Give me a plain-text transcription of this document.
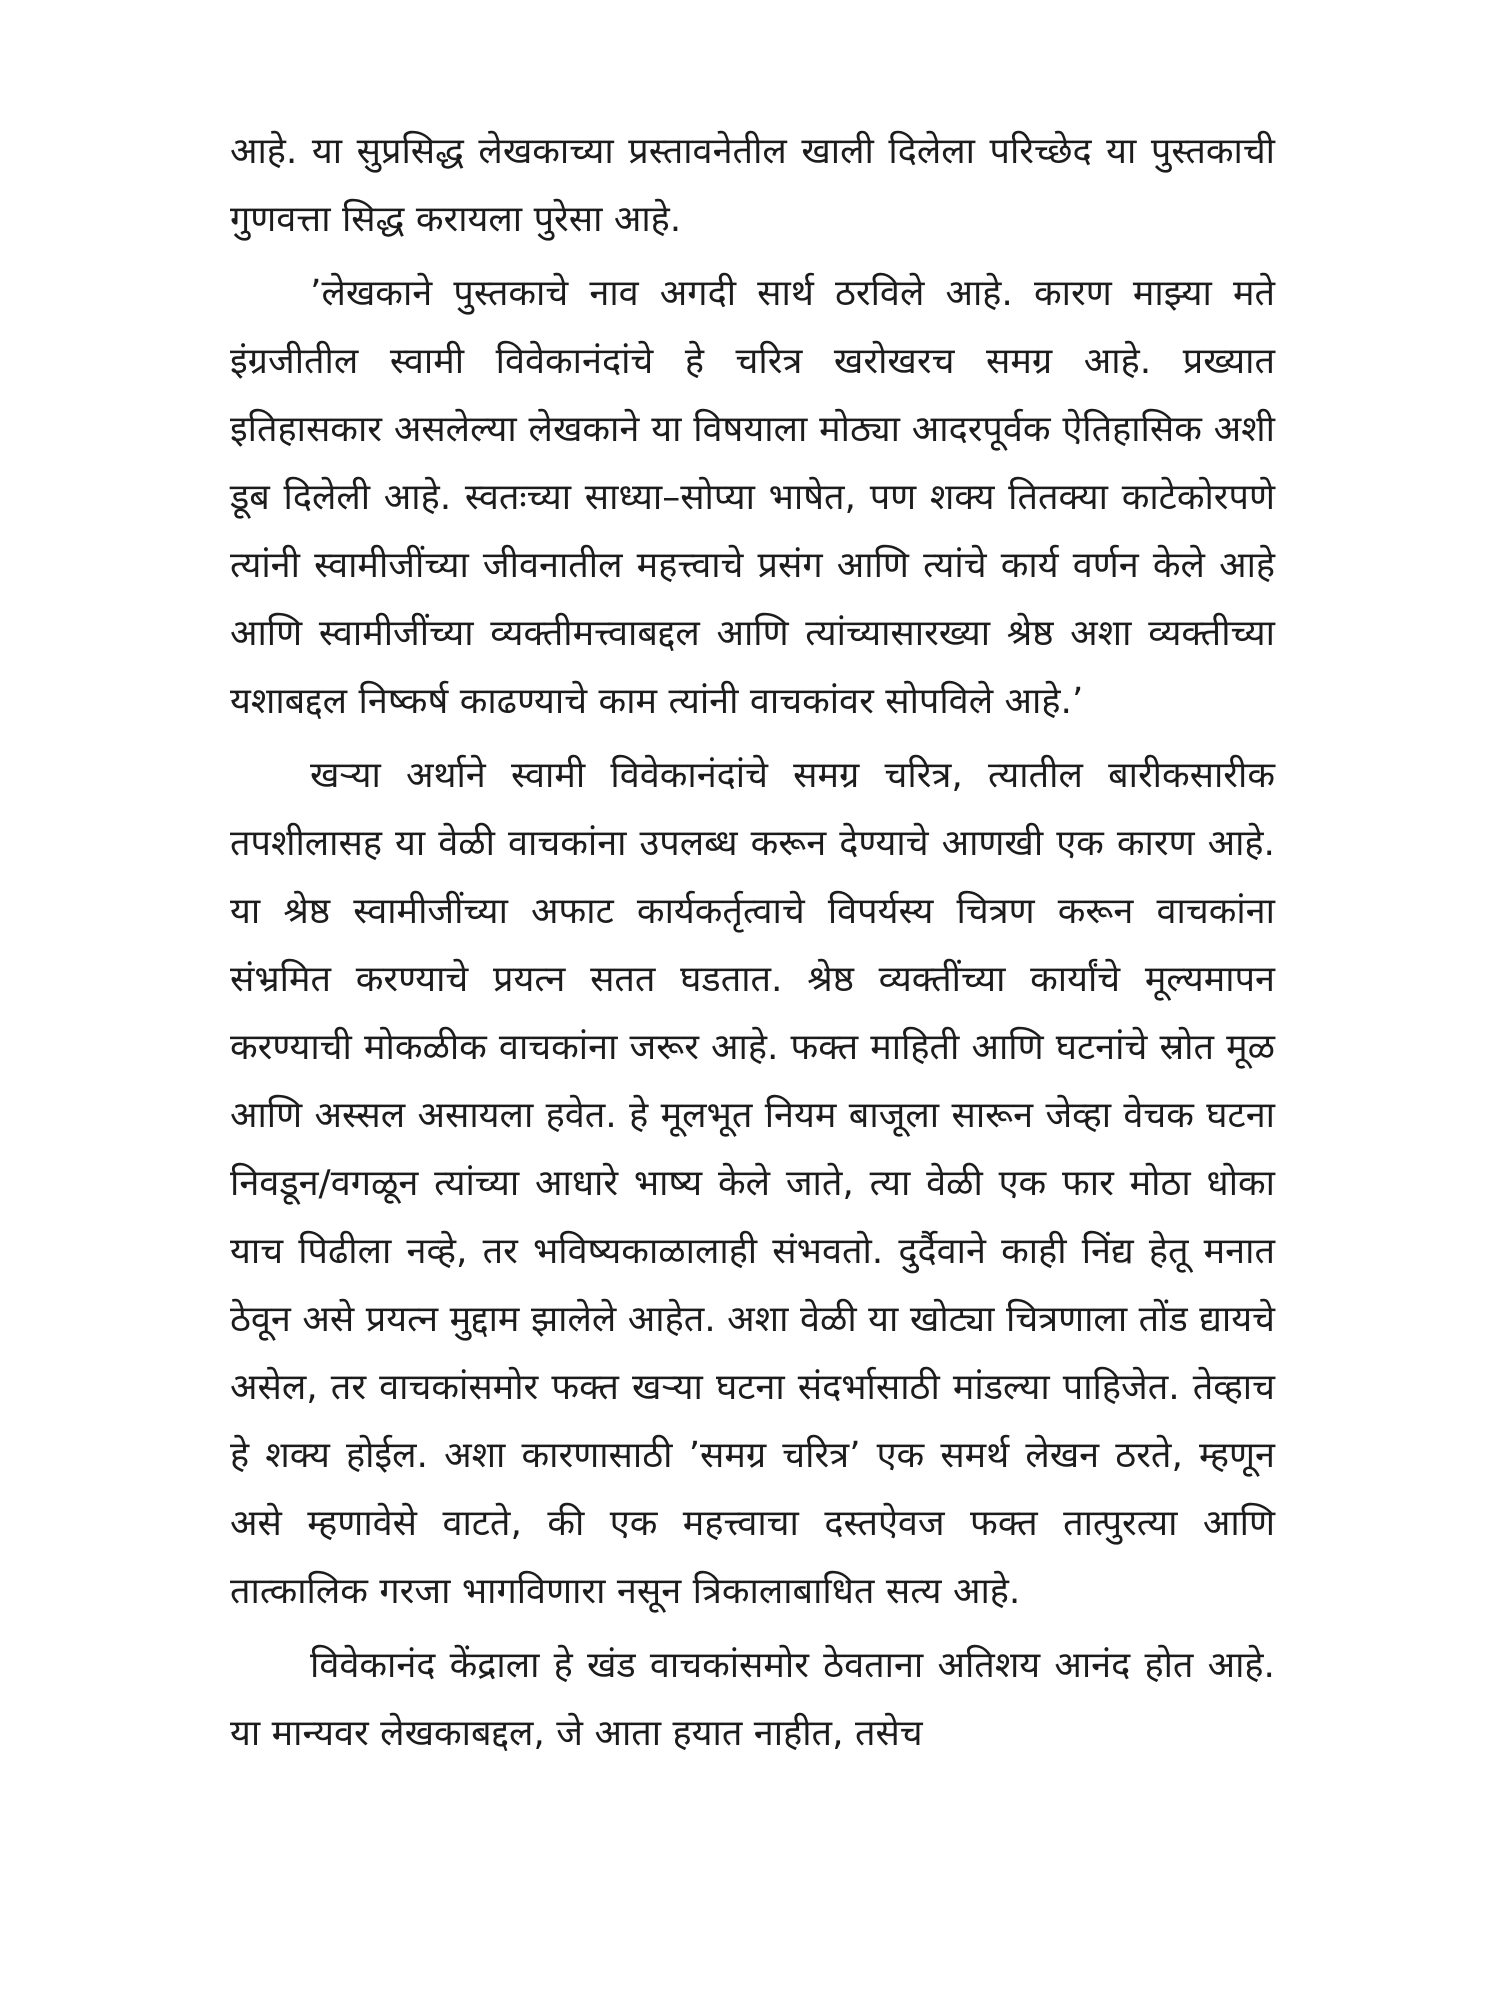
आहे. या सुप्रसिद्ध लेखकाच्या प्रस्तावनेतील खाली दिलेला परिच्छेद या पुस्तकाची गुणवत्ता सिद्ध करायला पुरेसा आहे.

’लेखकाने पुस्तकाचे नाव अगदी सार्थ ठरविले आहे. कारण माझ्या मते इंग्रजीतील स्वामी विवेकानंदांचे हे चरित्र खरोखरच समग्र आहे. प्रख्यात इतिहासकार असलेल्या लेखकाने या विषयाला मोठ्या आदरपूर्वक ऐतिहासिक अशी डूब दिलेली आहे. स्वतःच्या साध्या–सोप्या भाषेत, पण शक्य तितक्या काटेकोरपणे त्यांनी स्वामीजींच्या जीवनातील महत्त्वाचे प्रसंग आणि त्यांचे कार्य वर्णन केले आहे आणि स्वामीजींच्या व्यक्तीमत्त्वाबद्दल आणि त्यांच्यासारख्या श्रेष्ठ अशा व्यक्तीच्या यशाबद्दल निष्कर्ष काढण्याचे काम त्यांनी वाचकांवर सोपविले आहे.’

खऱ्या अर्थाने स्वामी विवेकानंदांचे समग्र चरित्र, त्यातील बारीकसारीक तपशीलासह या वेळी वाचकांना उपलब्ध करून देण्याचे आणखी एक कारण आहे. या श्रेष्ठ स्वामीजींच्या अफाट कार्यकर्तृत्वाचे विपर्यस्य चित्रण करून वाचकांना संभ्रमित करण्याचे प्रयत्न सतत घडतात. श्रेष्ठ व्यक्तींच्या कार्यांचे मूल्यमापन करण्याची मोकळीक वाचकांना जरूर आहे. फक्त माहिती आणि घटनांचे स्रोत मूळ आणि अस्सल असायला हवेत. हे मूलभूत नियम बाजूला सारून जेव्हा वेचक घटना निवडून/वगळून त्यांच्या आधारे भाष्य केले जाते, त्या वेळी एक फार मोठा धोका याच पिढीला नव्हे, तर भविष्यकाळालाही संभवतो. दुर्दैवाने काही निंद्य हेतू मनात ठेवून असे प्रयत्न मुद्दाम झालेले आहेत. अशा वेळी या खोट्या चित्रणाला तोंड द्यायचे असेल, तर वाचकांसमोर फक्त खऱ्या घटना संदर्भासाठी मांडल्या पाहिजेत. तेव्हाच हे शक्य होईल. अशा कारणासाठी ’समग्र चरित्र’ एक समर्थ लेखन ठरते, म्हणून असे म्हणावेसे वाटते, की एक महत्त्वाचा दस्तऐवज फक्त तात्पुरत्या आणि तात्कालिक गरजा भागविणारा नसून त्रिकालाबाधित सत्य आहे.

विवेकानंद केंद्राला हे खंड वाचकांसमोर ठेवताना अतिशय आनंद होत आहे. या मान्यवर लेखकाबद्दल, जे आता हयात नाहीत, तसेच
